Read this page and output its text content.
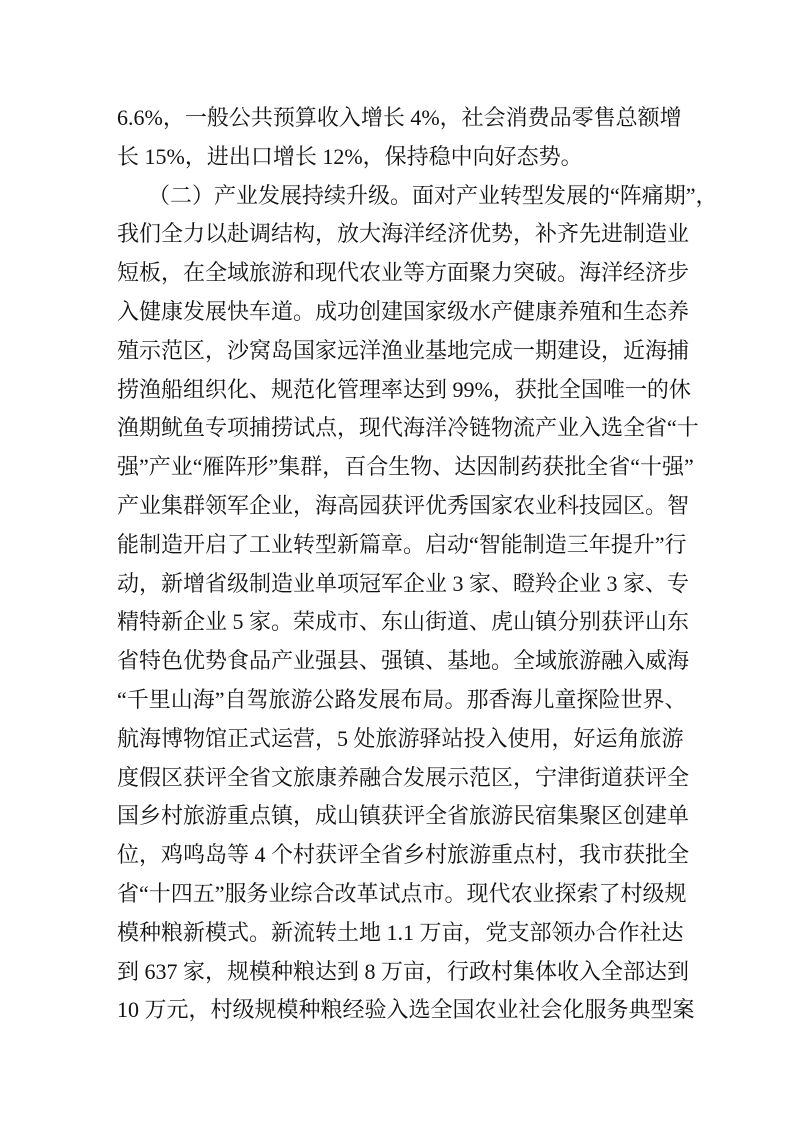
6.6%，一般公共预算收入增长 4%，社会消费品零售总额增
长 15%，进出口增长 12%，保持稳中向好态势。
（二）产业发展持续升级。面对产业转型发展的“阵痛期”，
我们全力以赴调结构，放大海洋经济优势，补齐先进制造业
短板，在全域旅游和现代农业等方面聚力突破。海洋经济步
入健康发展快车道。成功创建国家级水产健康养殖和生态养
殖示范区，沙窝岛国家远洋渔业基地完成一期建设，近海捕
捞渔船组织化、规范化管理率达到 99%，获批全国唯一的休
渔期鱿鱼专项捕捞试点，现代海洋冷链物流产业入选全省“十
强”产业“雁阵形”集群，百合生物、达因制药获批全省“十强”
产业集群领军企业，海高园获评优秀国家农业科技园区。智
能制造开启了工业转型新篇章。启动“智能制造三年提升”行
动，新增省级制造业单项冠军企业 3 家、瞪羚企业 3 家、专
精特新企业 5 家。荣成市、东山街道、虎山镇分别获评山东
省特色优势食品产业强县、强镇、基地。全域旅游融入威海
“千里山海”自驾旅游公路发展布局。那香海儿童探险世界、
航海博物馆正式运营，5 处旅游驿站投入使用，好运角旅游
度假区获评全省文旅康养融合发展示范区，宁津街道获评全
国乡村旅游重点镇，成山镇获评全省旅游民宿集聚区创建单
位，鸡鸣岛等 4 个村获评全省乡村旅游重点村，我市获批全
省“十四五”服务业综合改革试点市。现代农业探索了村级规
模种粮新模式。新流转土地 1.1 万亩，党支部领办合作社达
到 637 家，规模种粮达到 8 万亩，行政村集体收入全部达到
10 万元，村级规模种粮经验入选全国农业社会化服务典型案
